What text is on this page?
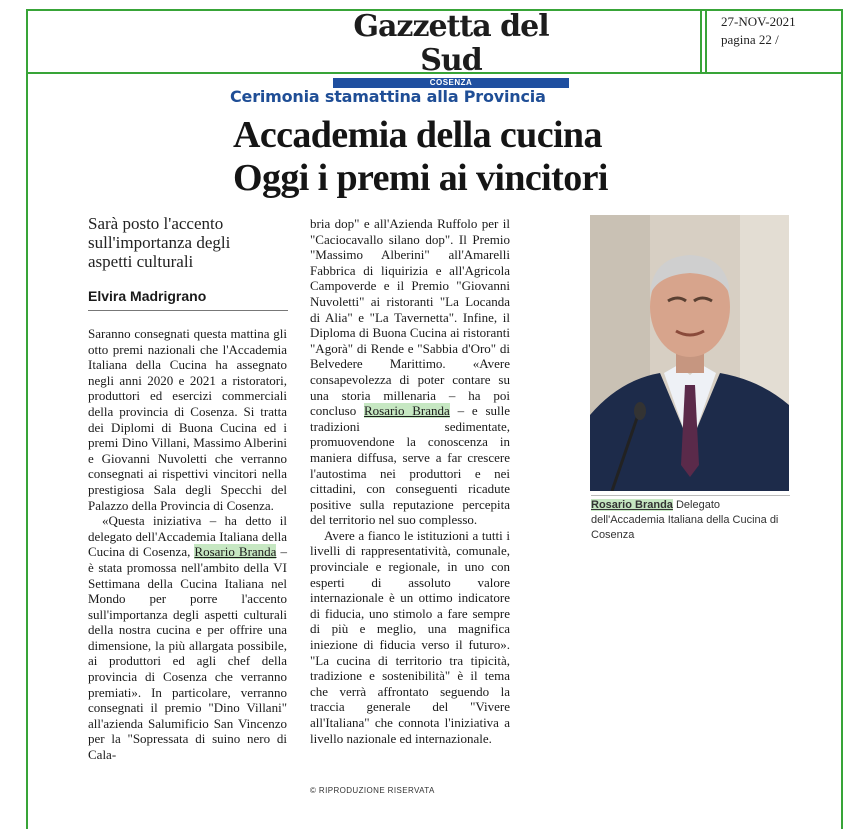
Gazzetta del Sud
COSENZA
27-NOV-2021
pagina 22 /
Cerimonia stamattina alla Provincia
Accademia della cucina
Oggi i premi ai vincitori
Sarà posto l'accento sull'importanza degli aspetti culturali
Elvira Madrigrano

Saranno consegnati questa mattina gli otto premi nazionali che l'Accademia Italiana della Cucina ha assegnato negli anni 2020 e 2021 a ristoratori, produttori ed esercizi commerciali della provincia di Cosenza. Si tratta dei Diplomi di Buona Cucina ed i premi Dino Villani, Massimo Alberini e Giovanni Nuvoletti che verranno consegnati ai rispettivi vincitori nella prestigiosa Sala degli Specchi del Palazzo della Provincia di Cosenza.

«Questa iniziativa – ha detto il delegato dell'Accademia Italiana della Cucina di Cosenza, Rosario Branda – è stata promossa nell'ambito della VI Settimana della Cucina Italiana nel Mondo per porre l'accento sull'importanza degli aspetti culturali della nostra cucina e per offrire una dimensione, la più allargata possibile, ai produttori ed agli chef della provincia di Cosenza che verranno premiati». In particolare, verranno consegnati il premio "Dino Villani" all'azienda Salumificio San Vincenzo per la "Sopressata di suino nero di Cala-

bria dop" e all'Azienda Ruffolo per il "Caciocavallo silano dop". Il Premio "Massimo Alberini" all'Amarelli Fabbrica di liquirizia e all'Agricola Campoverde e il Premio "Giovanni Nuvoletti" ai ristoranti "La Locanda di Alia" e "La Tavernetta". Infine, il Diploma di Buona Cucina ai ristoranti "Agorà" di Rende e "Sabbia d'Oro" di Belvedere Marittimo. «Avere consapevolezza di poter contare su una storia millenaria – ha poi concluso Rosario Branda – e sulle tradizioni sedimentate, promuovendone la conoscenza in maniera diffusa, serve a far crescere l'autostima nei produttori e nei cittadini, con conseguenti ricadute positive sulla reputazione percepita del territorio nel suo complesso.

Avere a fianco le istituzioni a tutti i livelli di rappresentatività, comunale, provinciale e regionale, in uno con esperti di assoluto valore internazionale è un ottimo indicatore di fiducia, uno stimolo a fare sempre di più e meglio, una magnifica iniezione di fiducia verso il futuro». "La cucina di territorio tra tipicità, tradizione e sostenibilità" è il tema che verrà affrontato seguendo la traccia generale del "Vivere all'Italiana" che connota l'iniziativa a livello nazionale ed internazionale.

© RIPRODUZIONE RISERVATA
Rosario Branda Delegato dell'Accademia Italiana della Cucina di Cosenza
